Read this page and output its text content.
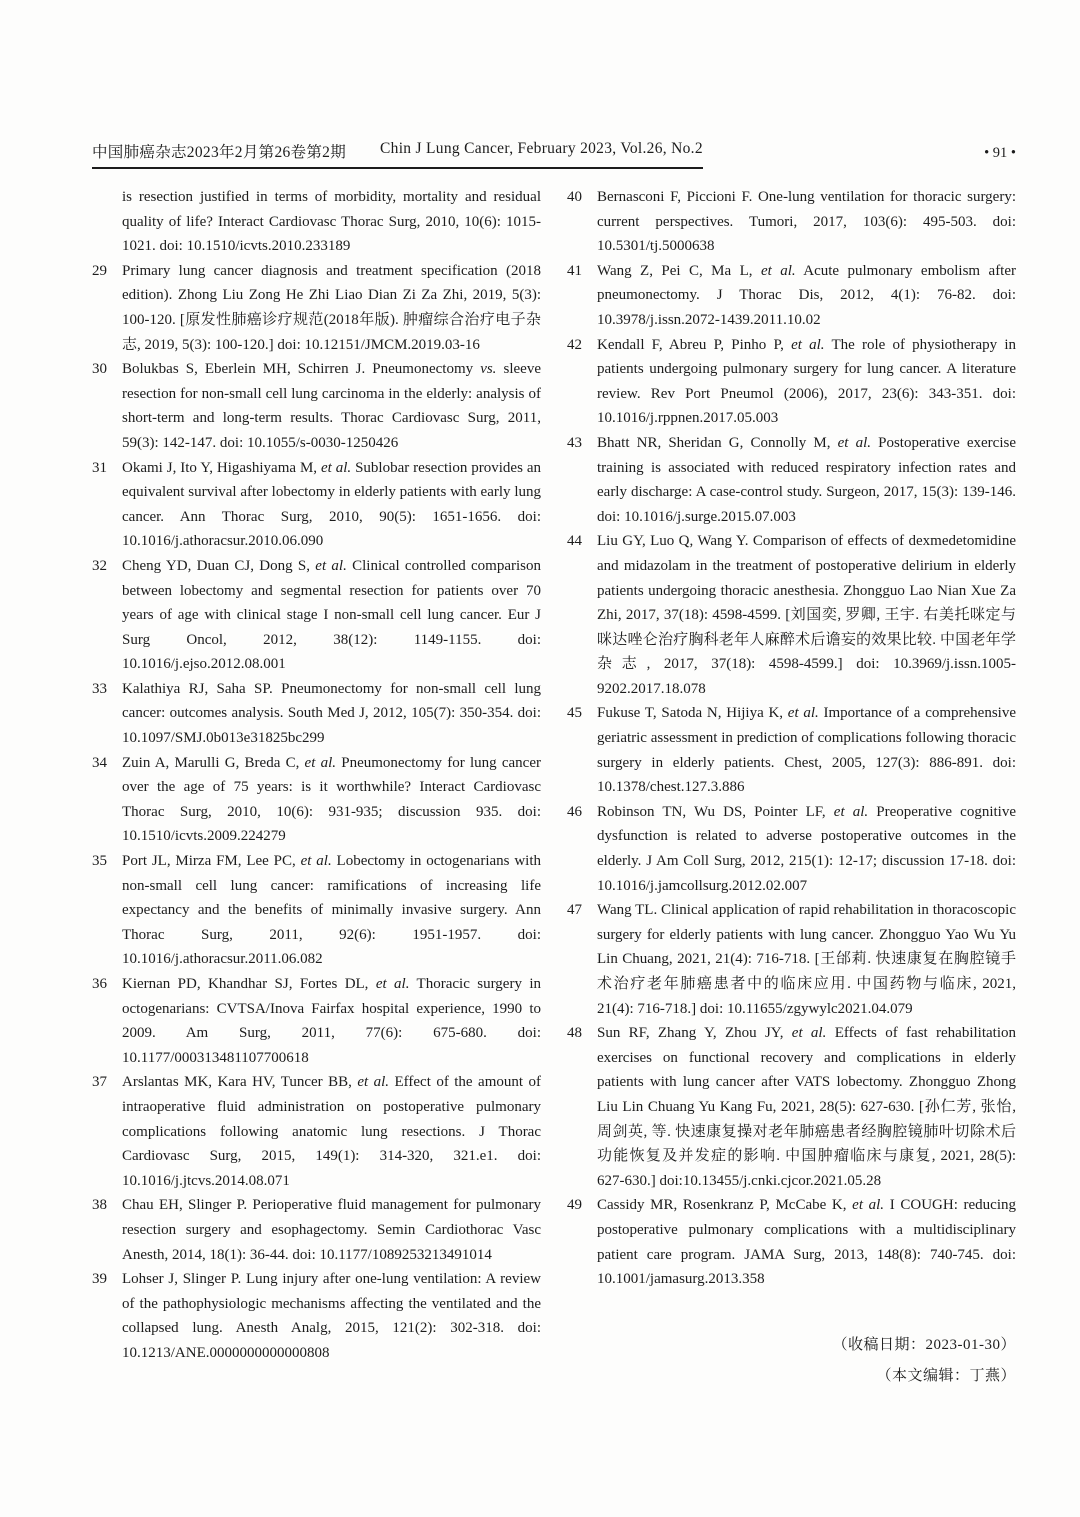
中国肺癌杂志2023年2月第26卷第2期 Chin J Lung Cancer, February 2023, Vol.26, No.2	• 91 •
is resection justified in terms of morbidity, mortality and residual quality of life? Interact Cardiovasc Thorac Surg, 2010, 10(6): 1015-1021. doi: 10.1510/icvts.2010.233189
29	Primary lung cancer diagnosis and treatment specification (2018 edition). Zhong Liu Zong He Zhi Liao Dian Zi Za Zhi, 2019, 5(3): 100-120. [原发性肺癌诊疗规范(2018年版). 肿瘤综合治疗电子杂志, 2019, 5(3): 100-120.] doi: 10.12151/JMCM.2019.03-16
30	Bolukbas S, Eberlein MH, Schirren J. Pneumonectomy vs. sleeve resection for non-small cell lung carcinoma in the elderly: analysis of short-term and long-term results. Thorac Cardiovasc Surg, 2011, 59(3): 142-147. doi: 10.1055/s-0030-1250426
31	Okami J, Ito Y, Higashiyama M, et al. Sublobar resection provides an equivalent survival after lobectomy in elderly patients with early lung cancer. Ann Thorac Surg, 2010, 90(5): 1651-1656. doi: 10.1016/j.athoracsur.2010.06.090
32	Cheng YD, Duan CJ, Dong S, et al. Clinical controlled comparison between lobectomy and segmental resection for patients over 70 years of age with clinical stage I non-small cell lung cancer. Eur J Surg Oncol, 2012, 38(12): 1149-1155. doi: 10.1016/j.ejso.2012.08.001
33	Kalathiya RJ, Saha SP. Pneumonectomy for non-small cell lung cancer: outcomes analysis. South Med J, 2012, 105(7): 350-354. doi: 10.1097/SMJ.0b013e31825bc299
34	Zuin A, Marulli G, Breda C, et al. Pneumonectomy for lung cancer over the age of 75 years: is it worthwhile? Interact Cardiovasc Thorac Surg, 2010, 10(6): 931-935; discussion 935. doi: 10.1510/icvts.2009.224279
35	Port JL, Mirza FM, Lee PC, et al. Lobectomy in octogenarians with non-small cell lung cancer: ramifications of increasing life expectancy and the benefits of minimally invasive surgery. Ann Thorac Surg, 2011, 92(6): 1951-1957. doi: 10.1016/j.athoracsur.2011.06.082
36	Kiernan PD, Khandhar SJ, Fortes DL, et al. Thoracic surgery in octogenarians: CVTSA/Inova Fairfax hospital experience, 1990 to 2009. Am Surg, 2011, 77(6): 675-680. doi: 10.1177/000313481107700618
37	Arslantas MK, Kara HV, Tuncer BB, et al. Effect of the amount of intraoperative fluid administration on postoperative pulmonary complications following anatomic lung resections. J Thorac Cardiovasc Surg, 2015, 149(1): 314-320, 321.e1. doi: 10.1016/j.jtcvs.2014.08.071
38	Chau EH, Slinger P. Perioperative fluid management for pulmonary resection surgery and esophagectomy. Semin Cardiothorac Vasc Anesth, 2014, 18(1): 36-44. doi: 10.1177/1089253213491014
39	Lohser J, Slinger P. Lung injury after one-lung ventilation: A review of the pathophysiologic mechanisms affecting the ventilated and the collapsed lung. Anesth Analg, 2015, 121(2): 302-318. doi: 10.1213/ANE.0000000000000808
40	Bernasconi F, Piccioni F. One-lung ventilation for thoracic surgery: current perspectives. Tumori, 2017, 103(6): 495-503. doi: 10.5301/tj.5000638
41	Wang Z, Pei C, Ma L, et al. Acute pulmonary embolism after pneumonectomy. J Thorac Dis, 2012, 4(1): 76-82. doi: 10.3978/j.issn.2072-1439.2011.10.02
42	Kendall F, Abreu P, Pinho P, et al. The role of physiotherapy in patients undergoing pulmonary surgery for lung cancer. A literature review. Rev Port Pneumol (2006), 2017, 23(6): 343-351. doi: 10.1016/j.rppnen.2017.05.003
43	Bhatt NR, Sheridan G, Connolly M, et al. Postoperative exercise training is associated with reduced respiratory infection rates and early discharge: A case-control study. Surgeon, 2017, 15(3): 139-146. doi: 10.1016/j.surge.2015.07.003
44	Liu GY, Luo Q, Wang Y. Comparison of effects of dexmedetomidine and midazolam in the treatment of postoperative delirium in elderly patients undergoing thoracic anesthesia. Zhongguo Lao Nian Xue Za Zhi, 2017, 37(18): 4598-4599. [刘国奕, 罗卿, 王宇. 右美托咪定与咪达唑仑治疗胸科老年人麻醉术后谵妄的效果比较. 中国老年学杂志, 2017, 37(18): 4598-4599.] doi: 10.3969/j.issn.1005-9202.2017.18.078
45	Fukuse T, Satoda N, Hijiya K, et al. Importance of a comprehensive geriatric assessment in prediction of complications following thoracic surgery in elderly patients. Chest, 2005, 127(3): 886-891. doi: 10.1378/chest.127.3.886
46	Robinson TN, Wu DS, Pointer LF, et al. Preoperative cognitive dysfunction is related to adverse postoperative outcomes in the elderly. J Am Coll Surg, 2012, 215(1): 12-17; discussion 17-18. doi: 10.1016/j.jamcollsurg.2012.02.007
47	Wang TL. Clinical application of rapid rehabilitation in thoracoscopic surgery for elderly patients with lung cancer. Zhongguo Yao Wu Yu Lin Chuang, 2021, 21(4): 716-718. [王邰莉. 快速康复在胸腔镜手术治疗老年肺癌患者中的临床应用. 中国药物与临床, 2021, 21(4): 716-718.] doi: 10.11655/zgywylc2021.04.079
48	Sun RF, Zhang Y, Zhou JY, et al. Effects of fast rehabilitation exercises on functional recovery and complications in elderly patients with lung cancer after VATS lobectomy. Zhongguo Zhong Liu Lin Chuang Yu Kang Fu, 2021, 28(5): 627-630. [孙仁芳, 张怡, 周剑英, 等. 快速康复操对老年肺癌患者经胸腔镜肺叶切除术后功能恢复及并发症的影响. 中国肿瘤临床与康复, 2021, 28(5): 627-630.] doi:10.13455/j.cnki.cjcor.2021.05.28
49	Cassidy MR, Rosenkranz P, McCabe K, et al. I COUGH: reducing postoperative pulmonary complications with a multidisciplinary patient care program. JAMA Surg, 2013, 148(8): 740-745. doi: 10.1001/jamasurg.2013.358
（收稿日期：2023-01-30）
（本文编辑：丁燕）
